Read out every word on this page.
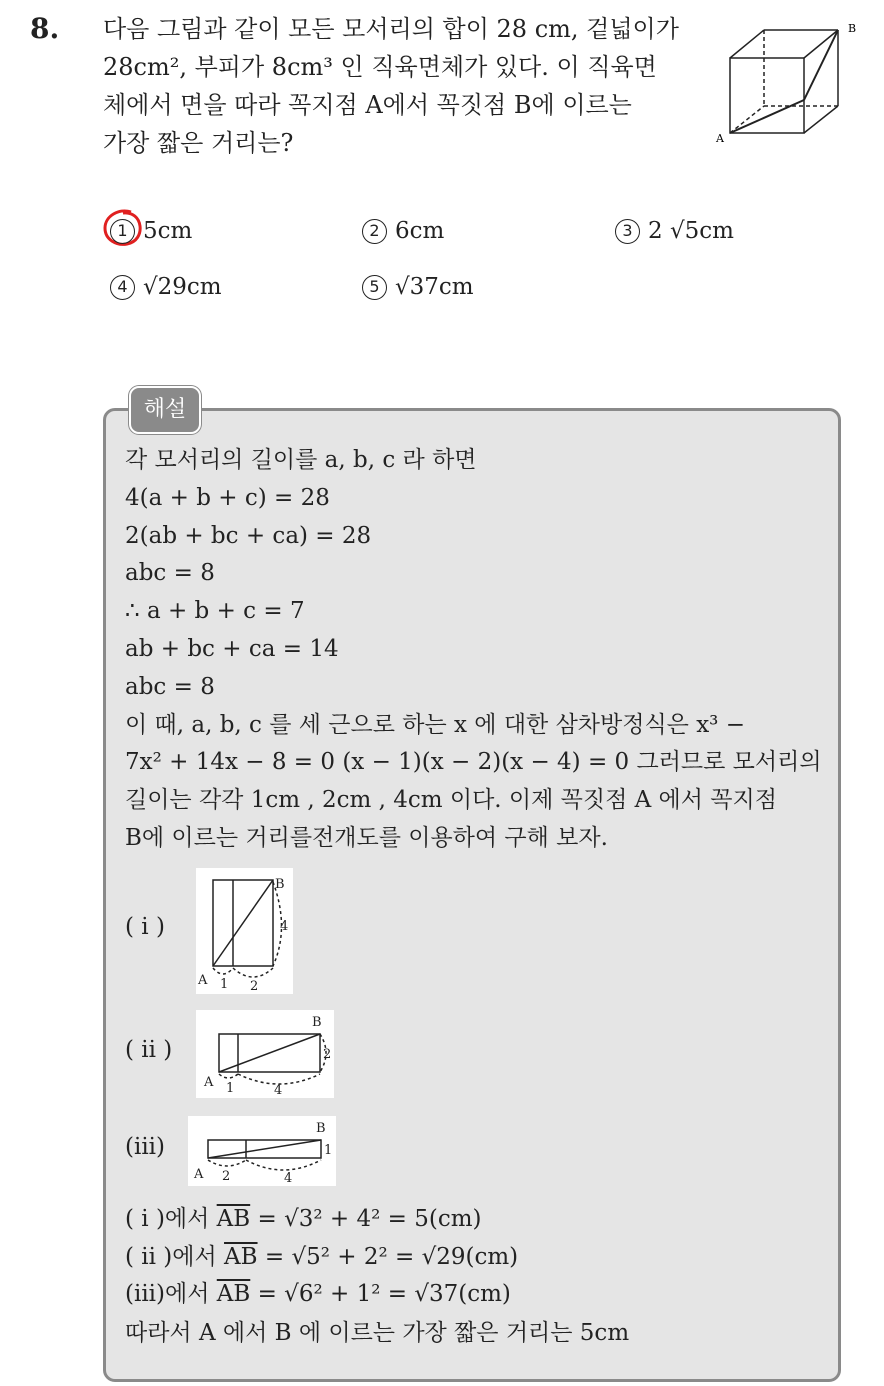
8. 다음 그림과 같이 모든 모서리의 합이 28 cm, 겉넓이가
28cm², 부피가 8cm³ 인 직육면체가 있다. 이 직육면
체에서 면을 따라 꼭지점 A에서 꼭짓점 B에 이르는
가장 짧은 거리는?	A
B
1 5cm	2 6cm	3 2 √5cm
4 √29cm	5 √37cm
해설
각 모서리의 길이를 a, b, c 라 하면
4(a + b + c) = 28
2(ab + bc + ca) = 28
abc = 8
∴ a + b + c = 7
ab + bc + ca = 14
abc = 8
이 때, a, b, c 를 세 근으로 하는 x 에 대한 삼차방정식은 x³ −
7x² + 14x − 8 = 0 (x − 1)(x − 2)(x − 4) = 0 그러므로 모서리의
길이는 각각 1cm , 2cm , 4cm 이다. 이제 꼭짓점 A 에서 꼭지점
B에 이르는 거리를전개도를 이용하여 구해 보자.
( i )
A
B
1 2
4
( ii )
A
B
1	4
2
(iii)
A
B
2	4
1
( i )에서 $\overline{AB} = √3^2 + 4^2 = 5(cm)$
( ii )에서 $\overline{AB} = √5^2 + 2^2 = √29(cm)$
(iii)에서 $\overline{AB} = √6^2 + 1^2 = √37(cm)$
따라서 A 에서 B 에 이르는 가장 짧은 거리는 5cm
